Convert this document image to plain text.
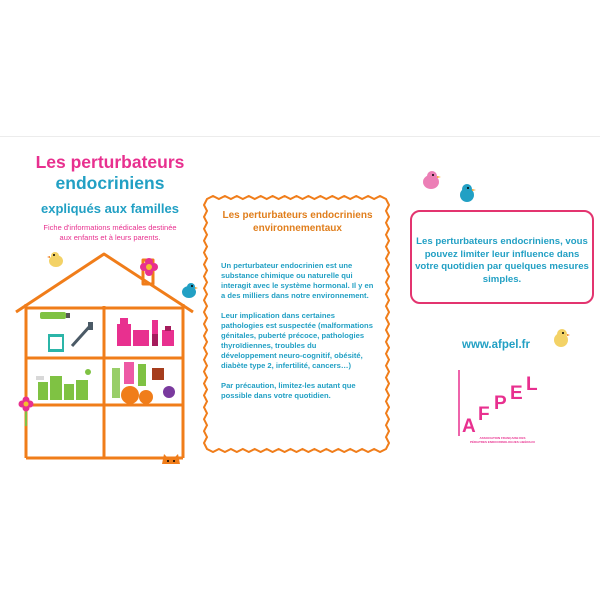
Les perturbateurs
endocriniens
expliqués aux familles
Fiche d'informations médicales destinée
aux enfants et à leurs parents.
Les perturbateurs endocriniens
environnementaux

Un perturbateur endocrinien est une substance chimique ou naturelle qui interagit avec le système hormonal. Il y en a des milliers dans notre environnement.

Leur implication dans certaines pathologies est suspectée (malformations génitales, puberté précoce, pathologies thyroïdiennes, troubles du développement neuro-cognitif, obésité, diabète type 2, infertilité, cancers…)

Par précaution, limitez-les autant que possible dans votre quotidien.

Les perturbateurs endocriniens, vous pouvez limiter leur influence dans votre quotidien par quelques mesures simples.
www.afpel.fr
A
F
P E L
ASSOCIATION FRANÇAISE DES
PÉDIATRES ENDOCRINOLOGUES LIBÉRAUX
